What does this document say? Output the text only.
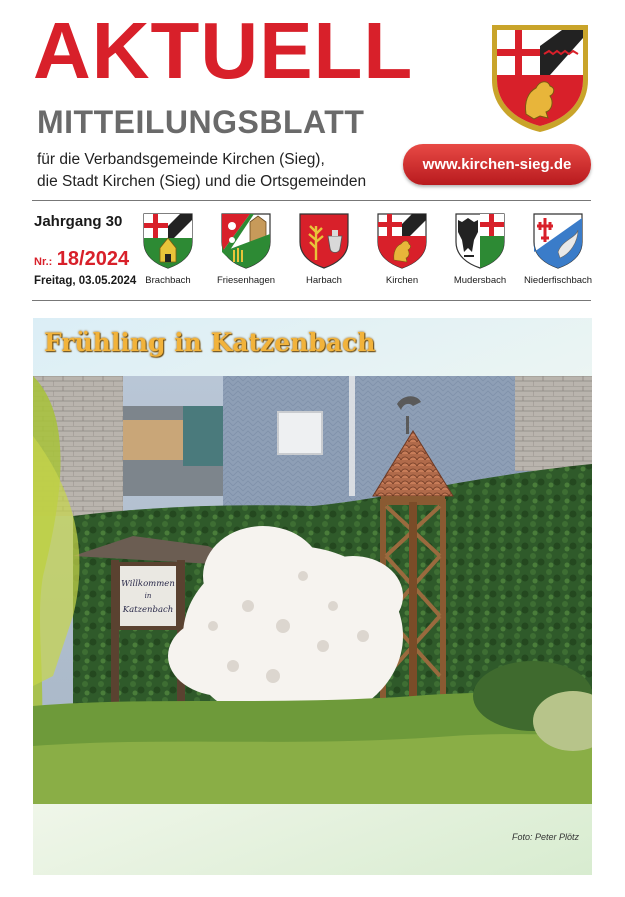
AKTUELL
MITTEILUNGSBLATT
für die Verbandsgemeinde Kirchen (Sieg),
die Stadt Kirchen (Sieg) und die Ortsgemeinden
www.kirchen-sieg.de
Jahrgang 30
Nr.: 18/2024
Freitag, 03.05.2024 Brachbach	Friesenhagen	Harbach	Kirchen	Mudersbach	Niederfischbach
Frühling in Katzenbach
Willkommen
in
Katzenbach
Foto: Peter Plötz
